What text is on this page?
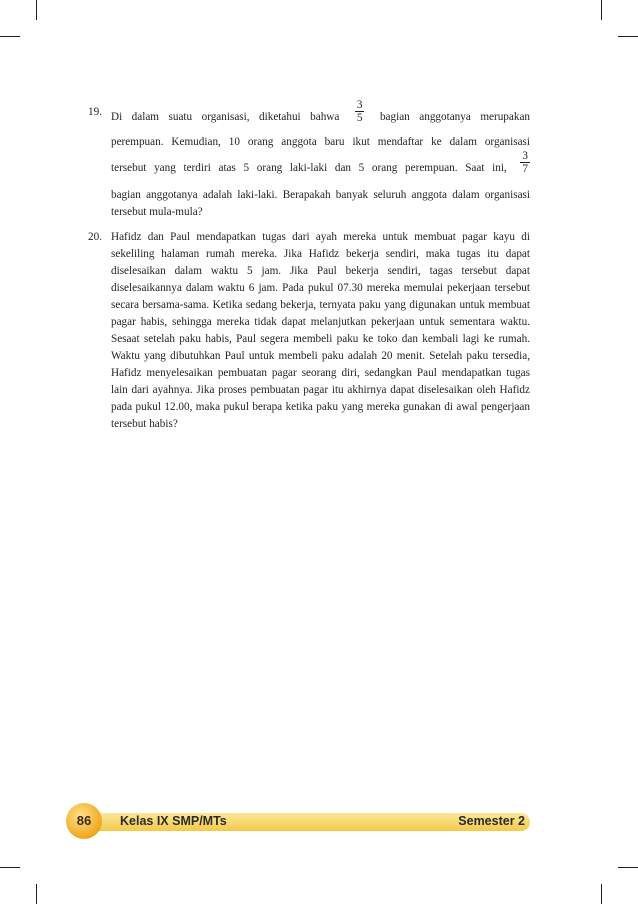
19. Di dalam suatu organisasi, diketahui bahwa $\frac{3}{5}$ bagian anggotanya merupakan
perempuan. Kemudian, 10 orang anggota baru ikut mendaftar ke dalam organisasi
tersebut yang terdiri atas 5 orang laki-laki dan 5 orang perempuan. Saat ini, $\frac{3}{7}$
bagian anggotanya adalah laki-laki. Berapakah banyak seluruh anggota dalam organisasi tersebut mula-mula?
20. Hafidz dan Paul mendapatkan tugas dari ayah mereka untuk membuat pagar kayu di sekeliling halaman rumah mereka. Jika Hafidz bekerja sendiri, maka tugas itu dapat diselesaikan dalam waktu 5 jam. Jika Paul bekerja sendiri, tagas tersebut dapat diselesaikannya dalam waktu 6 jam. Pada pukul 07.30 mereka memulai pekerjaan tersebut secara bersama-sama. Ketika sedang bekerja, ternyata paku yang digunakan untuk membuat pagar habis, sehingga mereka tidak dapat melanjutkan pekerjaan untuk sementara waktu. Sesaat setelah paku habis, Paul segera membeli paku ke toko dan kembali lagi ke rumah. Waktu yang dibutuhkan Paul untuk membeli paku adalah 20 menit. Setelah paku tersedia, Hafidz menyelesaikan pembuatan pagar seorang diri, sedangkan Paul mendapatkan tugas lain dari ayahnya. Jika proses pembuatan pagar itu akhirnya dapat diselesaikan oleh Hafidz pada pukul 12.00, maka pukul berapa ketika paku yang mereka gunakan di awal pengerjaan tersebut habis?
86	Kelas IX SMP/MTs	Semester 2
